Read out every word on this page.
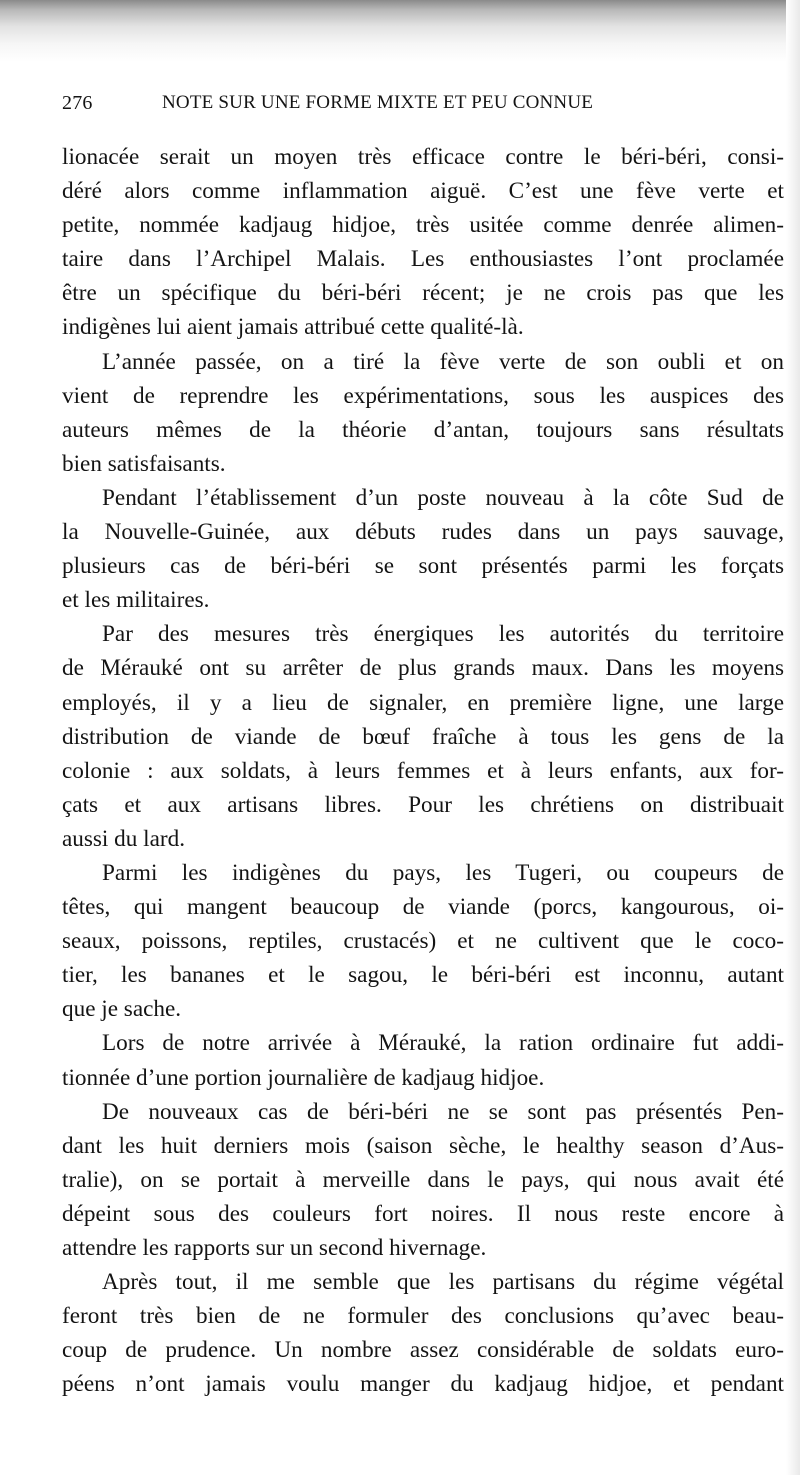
276	NOTE SUR UNE FORME MIXTE ET PEU CONNUE
lionacée serait un moyen très efficace contre le béri-béri, consi-
déré alors comme inflammation aiguë. C’est une fève verte et
petite, nommée kadjaug hidjoe, très usitée comme denrée alimen-
taire dans l’Archipel Malais. Les enthousiastes l’ont proclamée
être un spécifique du béri-béri récent; je ne crois pas que les
indigènes lui aient jamais attribué cette qualité-là.
L’année passée, on a tiré la fève verte de son oubli et on
vient de reprendre les expérimentations, sous les auspices des
auteurs mêmes de la théorie d’antan, toujours sans résultats
bien satisfaisants.
Pendant l’établissement d’un poste nouveau à la côte Sud de
la Nouvelle-Guinée, aux débuts rudes dans un pays sauvage,
plusieurs cas de béri-béri se sont présentés parmi les forçats
et les militaires.
Par des mesures très énergiques les autorités du territoire
de Mérauké ont su arrêter de plus grands maux. Dans les moyens
employés, il y a lieu de signaler, en première ligne, une large
distribution de viande de bœuf fraîche à tous les gens de la
colonie : aux soldats, à leurs femmes et à leurs enfants, aux for-
çats et aux artisans libres. Pour les chrétiens on distribuait
aussi du lard.
Parmi les indigènes du pays, les Tugeri, ou coupeurs de
têtes, qui mangent beaucoup de viande (porcs, kangourous, oi-
seaux, poissons, reptiles, crustacés) et ne cultivent que le coco-
tier, les bananes et le sagou, le béri-béri est inconnu, autant
que je sache.
Lors de notre arrivée à Mérauké, la ration ordinaire fut addi-
tionnée d’une portion journalière de kadjaug hidjoe.
De nouveaux cas de béri-béri ne se sont pas présentés Pen-
dant les huit derniers mois (saison sèche, le healthy season d’Aus-
tralie), on se portait à merveille dans le pays, qui nous avait été
dépeint sous des couleurs fort noires. Il nous reste encore à
attendre les rapports sur un second hivernage.
Après tout, il me semble que les partisans du régime végétal
feront très bien de ne formuler des conclusions qu’avec beau-
coup de prudence. Un nombre assez considérable de soldats euro-
péens n’ont jamais voulu manger du kadjaug hidjoe, et pendant
